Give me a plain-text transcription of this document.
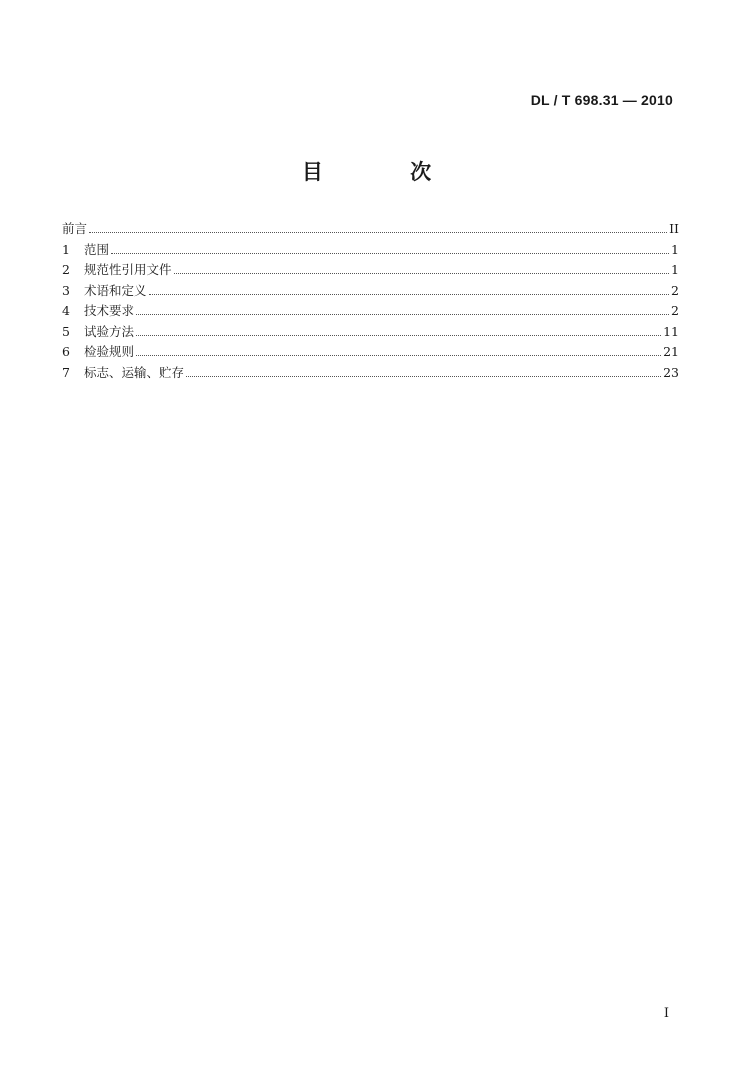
DL / T 698.31 — 2010
目 次
前言	II
1	范围	1
2	规范性引用文件	1
3	术语和定义	2
4	技术要求	2
5	试验方法	11
6	检验规则	21
7	标志、运输、贮存	23
I
